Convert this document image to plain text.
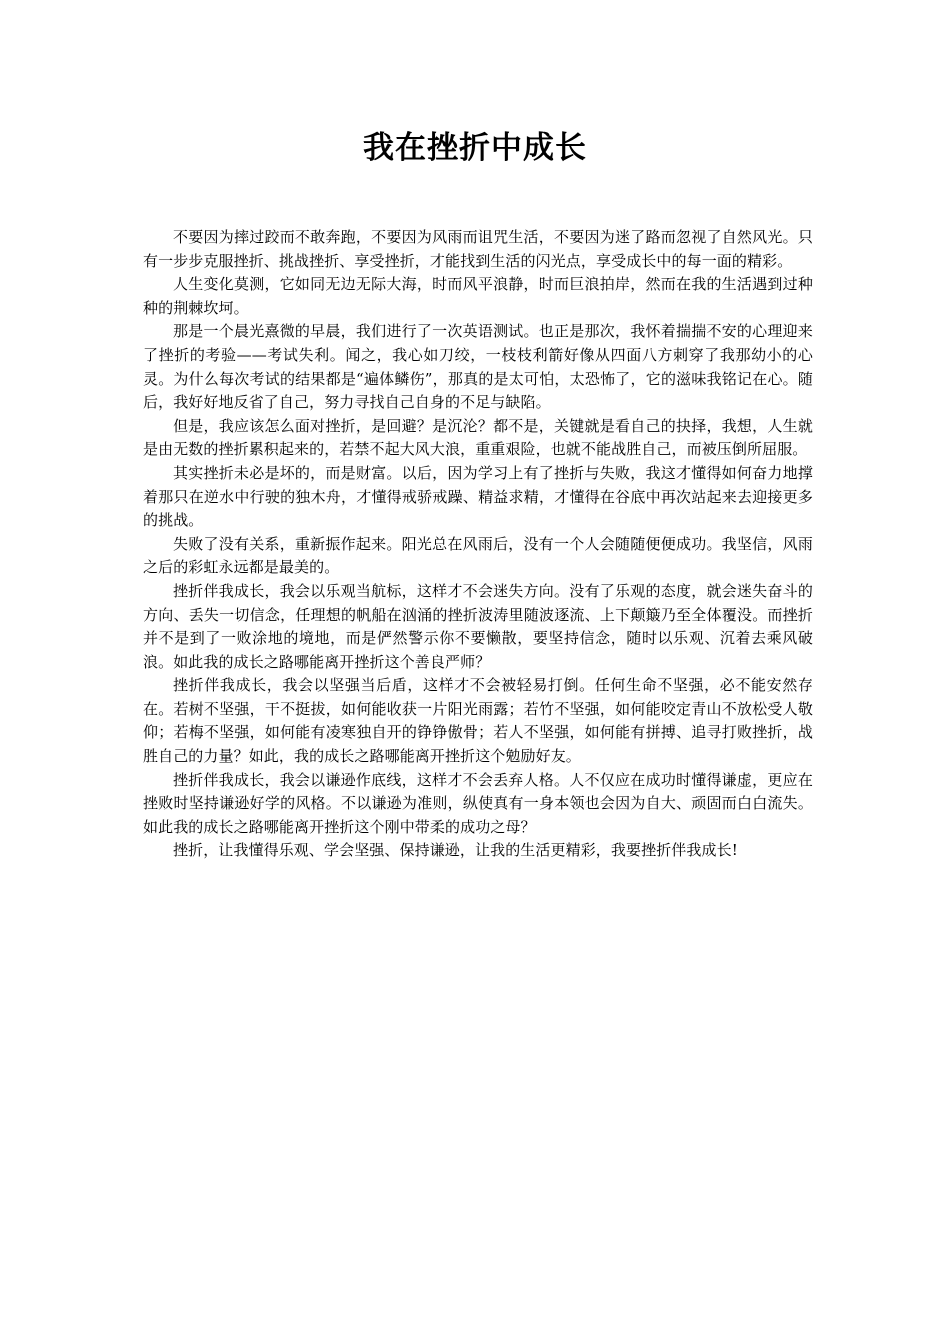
我在挫折中成长

不要因为摔过跤而不敢奔跑，不要因为风雨而诅咒生活，不要因为迷了路而忽视了自然风光。只有一步步克服挫折、挑战挫折、享受挫折，才能找到生活的闪光点，享受成长中的每一面的精彩。

人生变化莫测，它如同无边无际大海，时而风平浪静，时而巨浪拍岸，然而在我的生活遇到过种种的荆棘坎坷。

那是一个晨光熹微的早晨，我们进行了一次英语测试。也正是那次，我怀着揣揣不安的心理迎来了挫折的考验——考试失利。闻之，我心如刀绞，一枝枝利箭好像从四面八方刺穿了我那幼小的心灵。为什么每次考试的结果都是“遍体鳞伤”，那真的是太可怕，太恐怖了，它的滋味我铭记在心。随后，我好好地反省了自己，努力寻找自己自身的不足与缺陷。

但是，我应该怎么面对挫折，是回避？是沉沦？都不是，关键就是看自己的抉择，我想，人生就是由无数的挫折累积起来的，若禁不起大风大浪，重重艰险，也就不能战胜自己，而被压倒所屈服。

其实挫折未必是坏的，而是财富。以后，因为学习上有了挫折与失败，我这才懂得如何奋力地撑着那只在逆水中行驶的独木舟，才懂得戒骄戒躁、精益求精，才懂得在谷底中再次站起来去迎接更多的挑战。

失败了没有关系，重新振作起来。阳光总在风雨后，没有一个人会随随便便成功。我坚信，风雨之后的彩虹永远都是最美的。

挫折伴我成长，我会以乐观当航标，这样才不会迷失方向。没有了乐观的态度，就会迷失奋斗的方向、丢失一切信念，任理想的帆船在汹涌的挫折波涛里随波逐流、上下颠簸乃至全体覆没。而挫折并不是到了一败涂地的境地，而是俨然警示你不要懒散，要坚持信念，随时以乐观、沉着去乘风破浪。如此我的成长之路哪能离开挫折这个善良严师？

挫折伴我成长，我会以坚强当后盾，这样才不会被轻易打倒。任何生命不坚强，必不能安然存在。若树不坚强，干不挺拔，如何能收获一片阳光雨露；若竹不坚强，如何能咬定青山不放松受人敬仰；若梅不坚强，如何能有凌寒独自开的铮铮傲骨；若人不坚强，如何能有拼搏、追寻打败挫折，战胜自己的力量？如此，我的成长之路哪能离开挫折这个勉励好友。

挫折伴我成长，我会以谦逊作底线，这样才不会丢弃人格。人不仅应在成功时懂得谦虚，更应在挫败时坚持谦逊好学的风格。不以谦逊为准则，纵使真有一身本领也会因为自大、顽固而白白流失。如此我的成长之路哪能离开挫折这个刚中带柔的成功之母？

挫折，让我懂得乐观、学会坚强、保持谦逊，让我的生活更精彩，我要挫折伴我成长!
